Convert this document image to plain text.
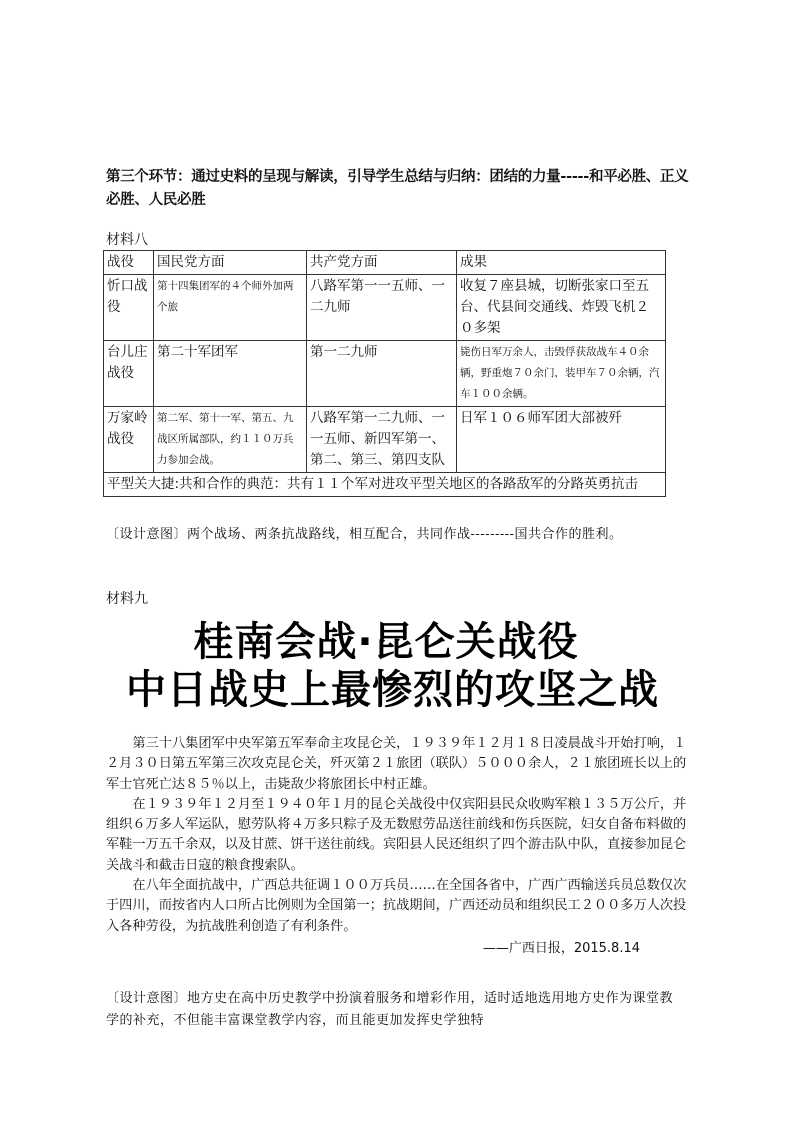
第三个环节：通过史料的呈现与解读，引导学生总结与归纳：团结的力量-----和平必胜、正义必胜、人民必胜
材料八
战役	国民党方面	共产党方面	成果
忻口战役	第十四集团军的４个师外加两个旅	八路军第一一五师、一二九师	收复７座县城，切断张家口至五台、代县间交通线、炸毁飞机２０多架
台儿庄 战役	第二十军团军	第一二九师	毙伤日军万余人，击毁俘获敌战车４０余辆，野重炮７０余门，装甲车７０余辆，汽车１００余辆。
万家岭战役	第二军、第十一军、第五、九战区所属部队，约１１０万兵力参加会战。	八路军第一二九师、一一五师、新四军第一、第二、第三、第四支队	日军１０６师军团大部被歼
平型关大捷:共和合作的典范：共有１１个军对进攻平型关地区的各路敌军的分路英勇抗击			
〔设计意图〕两个战场、两条抗战路线，相互配合，共同作战---------国共合作的胜利。
材料九
桂南会战·昆仑关战役
中日战史上最惨烈的攻坚之战

第三十八集团军中央军第五军奉命主攻昆仑关，１９３９年１２月１８日凌晨战斗开始打响，１２月３０日第五军第三次攻克昆仑关，歼灭第２１旅团（联队）５０００余人，２１旅团班长以上的军士官死亡达８５％以上，击毙敌少将旅团长中村正雄。

在１９３９年１２月至１９４０年１月的昆仑关战役中仅宾阳县民众收购军粮１３５万公斤，并组织６万多人军运队，慰劳队将４万多只粽子及无数慰劳品送往前线和伤兵医院，妇女自备布料做的军鞋一万五千余双，以及甘蔗、饼干送往前线。宾阳县人民还组织了四个游击队中队，直接参加昆仑关战斗和截击日寇的粮食搜索队。

在八年全面抗战中，广西总共征调１００万兵员……在全国各省中，广西广西输送兵员总数仅次于四川，而按省内人口所占比例则为全国第一；抗战期间，广西还动员和组织民工２００多万人次投入各种劳役，为抗战胜利创造了有利条件。

——广西日报，2015.8.14
〔设计意图〕地方史在高中历史教学中扮演着服务和增彩作用，适时适地选用地方史作为课堂教学的补充，不但能丰富课堂教学内容，而且能更加发挥史学独特
